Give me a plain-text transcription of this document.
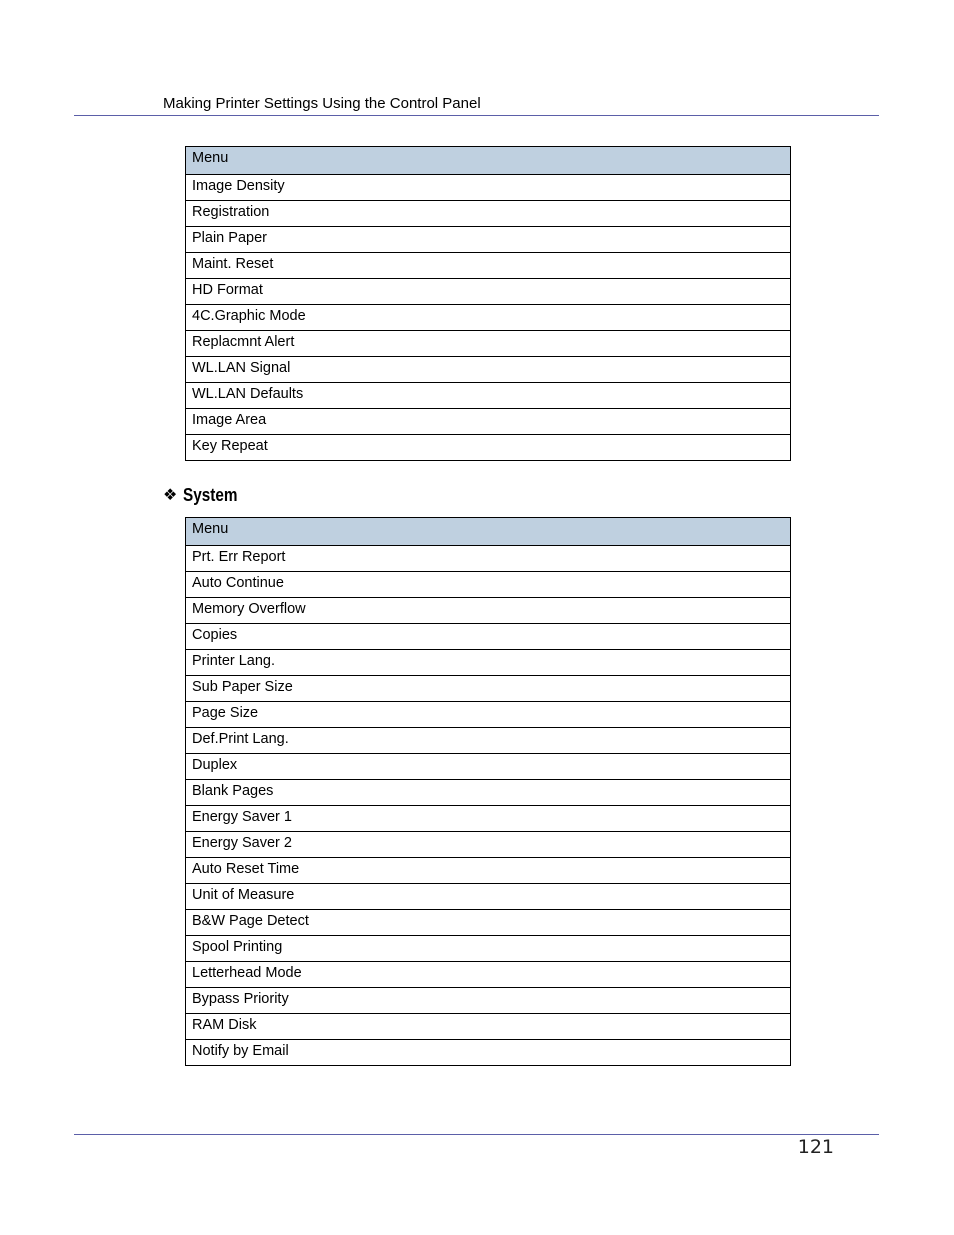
Making Printer Settings Using the Control Panel
Menu
Image Density
Registration
Plain Paper
Maint. Reset
HD Format
4C.Graphic Mode
Replacmnt Alert
WL.LAN Signal
WL.LAN Defaults
Image Area
Key Repeat
❖ System
Menu
Prt. Err Report
Auto Continue
Memory Overflow
Copies
Printer Lang.
Sub Paper Size
Page Size
Def.Print Lang.
Duplex
Blank Pages
Energy Saver 1
Energy Saver 2
Auto Reset Time
Unit of Measure
B&W Page Detect
Spool Printing
Letterhead Mode
Bypass Priority
RAM Disk
Notify by Email
121
